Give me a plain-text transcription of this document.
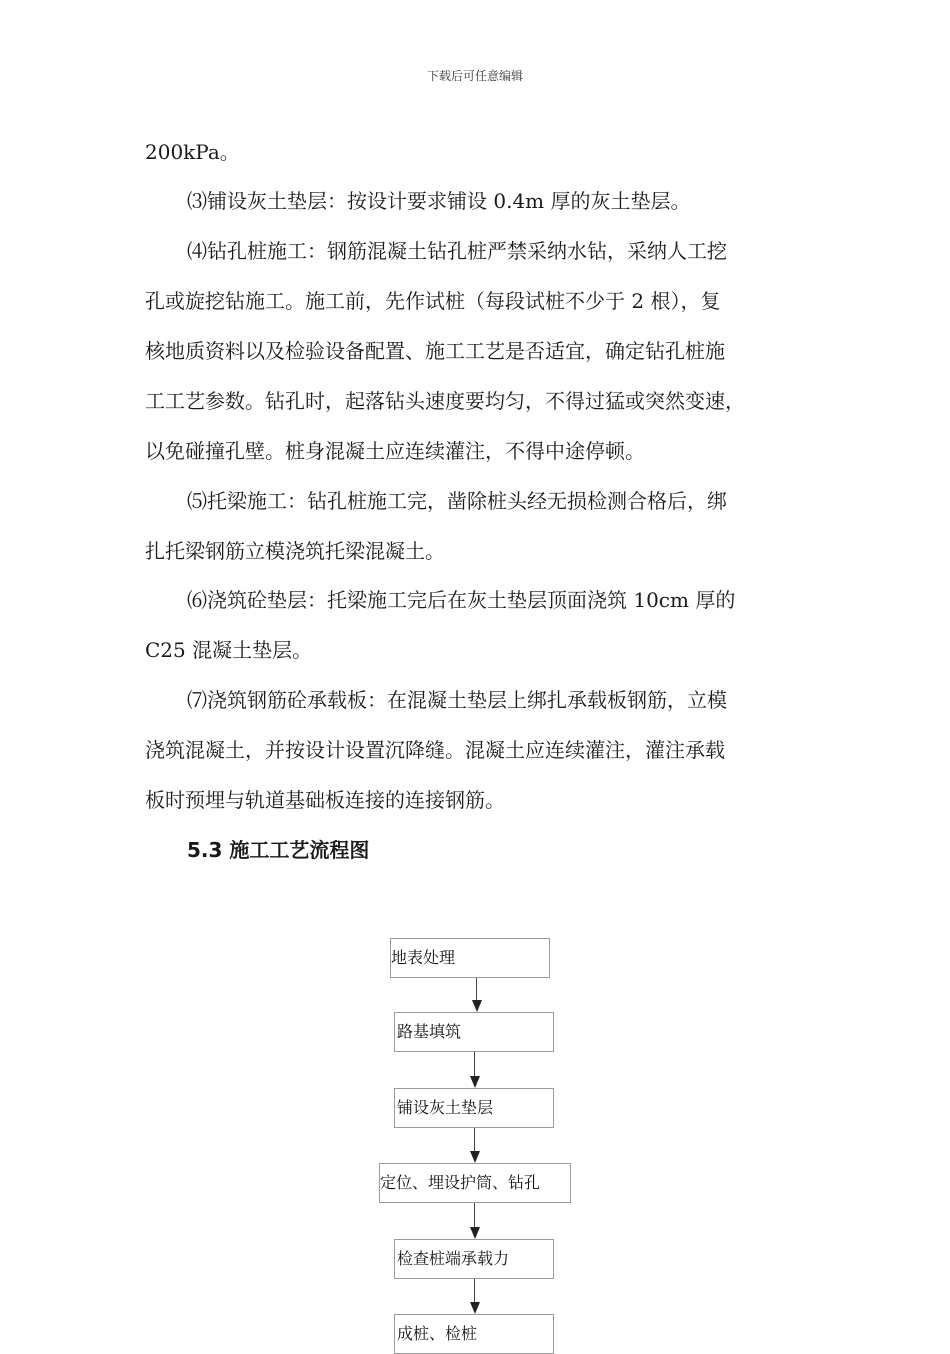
下载后可任意编辑
200kPa。
⑶铺设灰土垫层：按设计要求铺设 0.4m 厚的灰土垫层。
⑷钻孔桩施工：钢筋混凝土钻孔桩严禁采纳水钻，采纳人工挖
孔或旋挖钻施工。施工前，先作试桩（每段试桩不少于 2 根），复
核地质资料以及检验设备配置、施工工艺是否适宜，确定钻孔桩施
工工艺参数。钻孔时，起落钻头速度要均匀，不得过猛或突然变速，
以免碰撞孔壁。桩身混凝土应连续灌注，不得中途停顿。
⑸托梁施工：钻孔桩施工完，凿除桩头经无损检测合格后，绑
扎托梁钢筋立模浇筑托梁混凝土。
⑹浇筑砼垫层：托梁施工完后在灰土垫层顶面浇筑 10cm 厚的
C25 混凝土垫层。
⑺浇筑钢筋砼承载板：在混凝土垫层上绑扎承载板钢筋，立模
浇筑混凝土，并按设计设置沉降缝。混凝土应连续灌注，灌注承载
板时预埋与轨道基础板连接的连接钢筋。
5.3 施工工艺流程图
地表处理
路基填筑
铺设灰土垫层
定位、埋设护筒、钻孔
检查桩端承载力
成桩、检桩
